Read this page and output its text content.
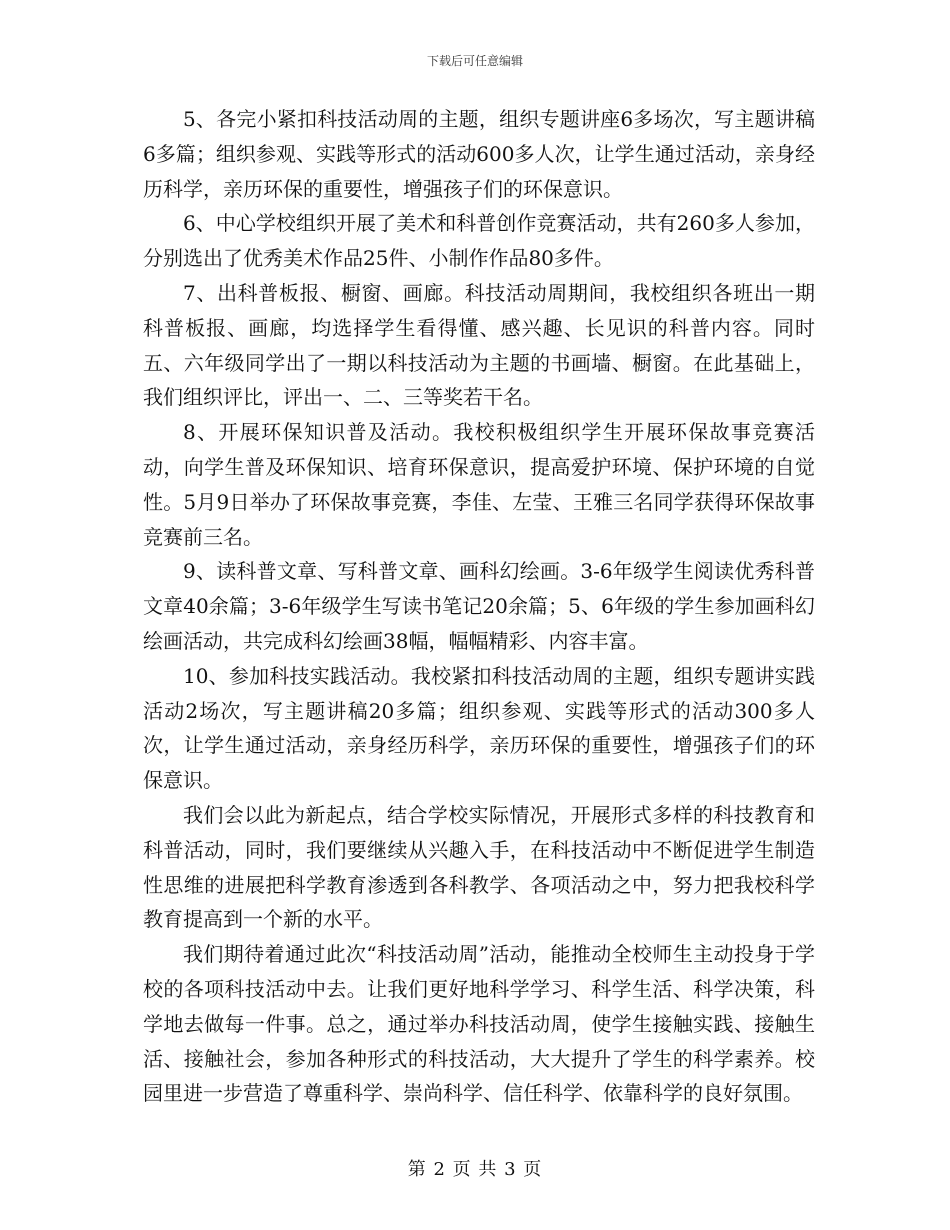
下载后可任意编辑

5、各完小紧扣科技活动周的主题，组织专题讲座6多场次，写主题讲稿6多篇；组织参观、实践等形式的活动600多人次，让学生通过活动，亲身经历科学，亲历环保的重要性，增强孩子们的环保意识。

6、中心学校组织开展了美术和科普创作竞赛活动，共有260多人参加，分别选出了优秀美术作品25件、小制作作品80多件。

7、出科普板报、橱窗、画廊。科技活动周期间，我校组织各班出一期科普板报、画廊，均选择学生看得懂、感兴趣、长见识的科普内容。同时五、六年级同学出了一期以科技活动为主题的书画墙、橱窗。在此基础上，我们组织评比，评出一、二、三等奖若干名。

8、开展环保知识普及活动。我校积极组织学生开展环保故事竞赛活动，向学生普及环保知识、培育环保意识，提高爱护环境、保护环境的自觉性。5月9日举办了环保故事竞赛，李佳、左莹、王雅三名同学获得环保故事竞赛前三名。

9、读科普文章、写科普文章、画科幻绘画。3-6年级学生阅读优秀科普文章40余篇；3-6年级学生写读书笔记20余篇；5、6年级的学生参加画科幻绘画活动，共完成科幻绘画38幅，幅幅精彩、内容丰富。

10、参加科技实践活动。我校紧扣科技活动周的主题，组织专题讲实践活动2场次，写主题讲稿20多篇；组织参观、实践等形式的活动300多人次，让学生通过活动，亲身经历科学，亲历环保的重要性，增强孩子们的环保意识。

我们会以此为新起点，结合学校实际情况，开展形式多样的科技教育和科普活动，同时，我们要继续从兴趣入手，在科技活动中不断促进学生制造性思维的进展把科学教育渗透到各科教学、各项活动之中，努力把我校科学教育提高到一个新的水平。

我们期待着通过此次“科技活动周”活动，能推动全校师生主动投身于学校的各项科技活动中去。让我们更好地科学学习、科学生活、科学决策，科学地去做每一件事。总之，通过举办科技活动周，使学生接触实践、接触生活、接触社会，参加各种形式的科技活动，大大提升了学生的科学素养。校园里进一步营造了尊重科学、崇尚科学、信任科学、依靠科学的良好氛围。

第 2 页 共 3 页
